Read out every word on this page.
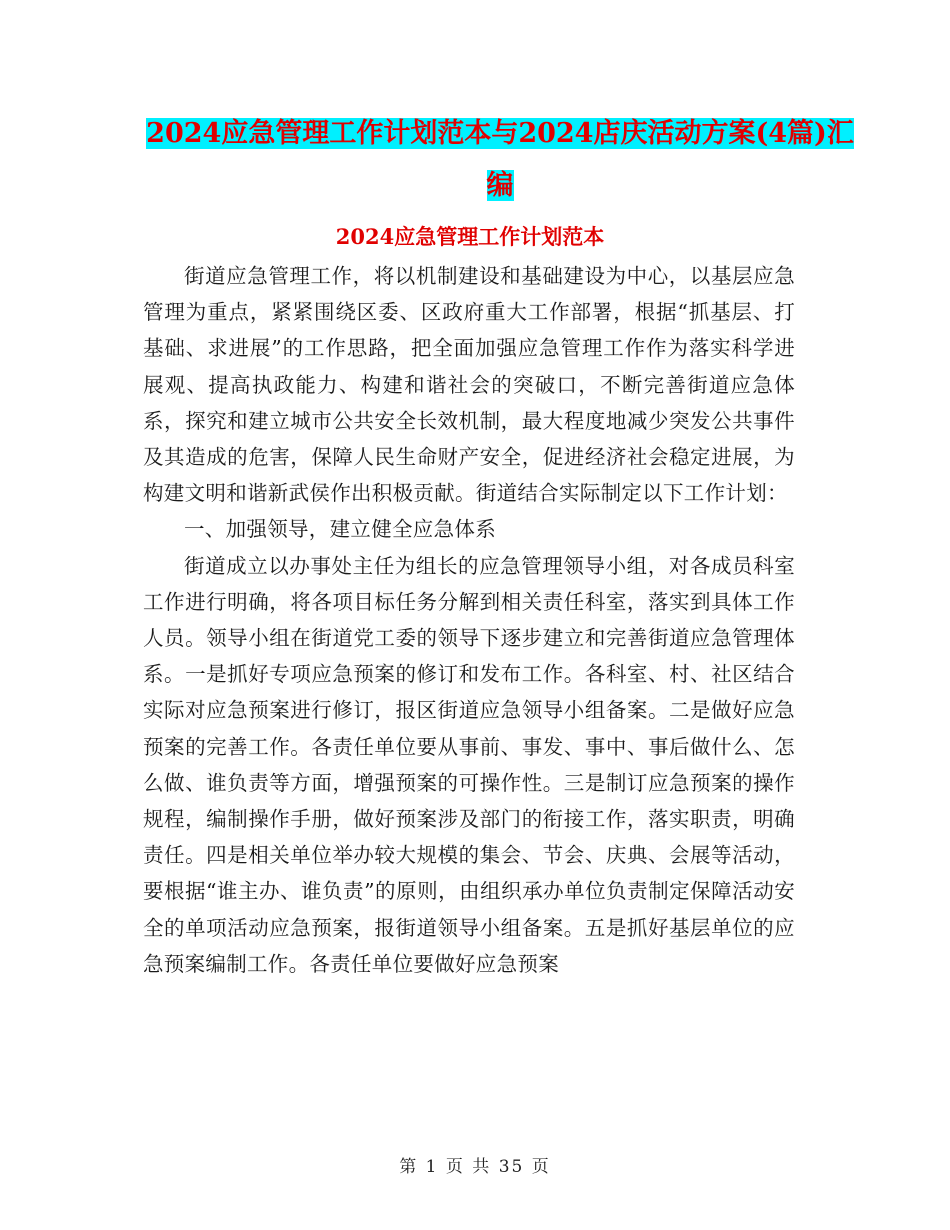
2024应急管理工作计划范本与2024店庆活动方案(4篇)汇编
2024应急管理工作计划范本

街道应急管理工作，将以机制建设和基础建设为中心，以基层应急管理为重点，紧紧围绕区委、区政府重大工作部署，根据“抓基层、打基础、求进展”的工作思路，把全面加强应急管理工作作为落实科学进展观、提高执政能力、构建和谐社会的突破口，不断完善街道应急体系，探究和建立城市公共安全长效机制，最大程度地减少突发公共事件及其造成的危害，保障人民生命财产安全，促进经济社会稳定进展，为构建文明和谐新武侯作出积极贡献。街道结合实际制定以下工作计划：

一、加强领导，建立健全应急体系

街道成立以办事处主任为组长的应急管理领导小组，对各成员科室工作进行明确，将各项目标任务分解到相关责任科室，落实到具体工作人员。领导小组在街道党工委的领导下逐步建立和完善街道应急管理体系。一是抓好专项应急预案的修订和发布工作。各科室、村、社区结合实际对应急预案进行修订，报区街道应急领导小组备案。二是做好应急预案的完善工作。各责任单位要从事前、事发、事中、事后做什么、怎么做、谁负责等方面，增强预案的可操作性。三是制订应急预案的操作规程，编制操作手册，做好预案涉及部门的衔接工作，落实职责，明确责任。四是相关单位举办较大规模的集会、节会、庆典、会展等活动，要根据“谁主办、谁负责”的原则，由组织承办单位负责制定保障活动安全的单项活动应急预案，报街道领导小组备案。五是抓好基层单位的应急预案编制工作。各责任单位要做好应急预案

第 1 页 共 35 页
